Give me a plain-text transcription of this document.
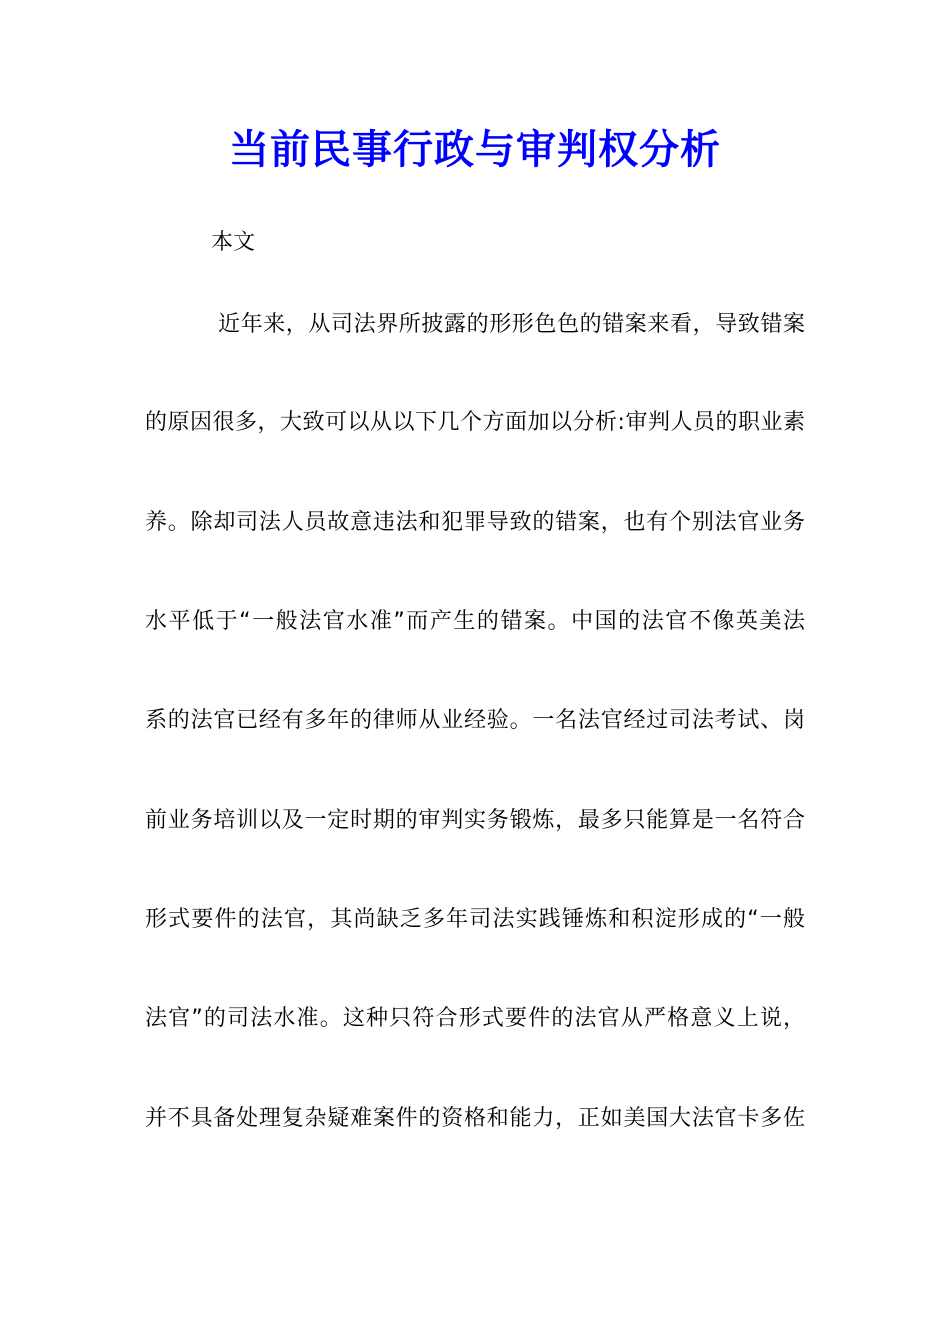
当前民事行政与审判权分析
本文
近年来，从司法界所披露的形形色色的错案来看，导致错案
的原因很多，大致可以从以下几个方面加以分析:审判人员的职业素
养。除却司法人员故意违法和犯罪导致的错案，也有个别法官业务
水平低于“一般法官水准”而产生的错案。中国的法官不像英美法
系的法官已经有多年的律师从业经验。一名法官经过司法考试、岗
前业务培训以及一定时期的审判实务锻炼，最多只能算是一名符合
形式要件的法官，其尚缺乏多年司法实践锤炼和积淀形成的“一般
法官”的司法水准。这种只符合形式要件的法官从严格意义上说，
并不具备处理复杂疑难案件的资格和能力，正如美国大法官卡多佐
